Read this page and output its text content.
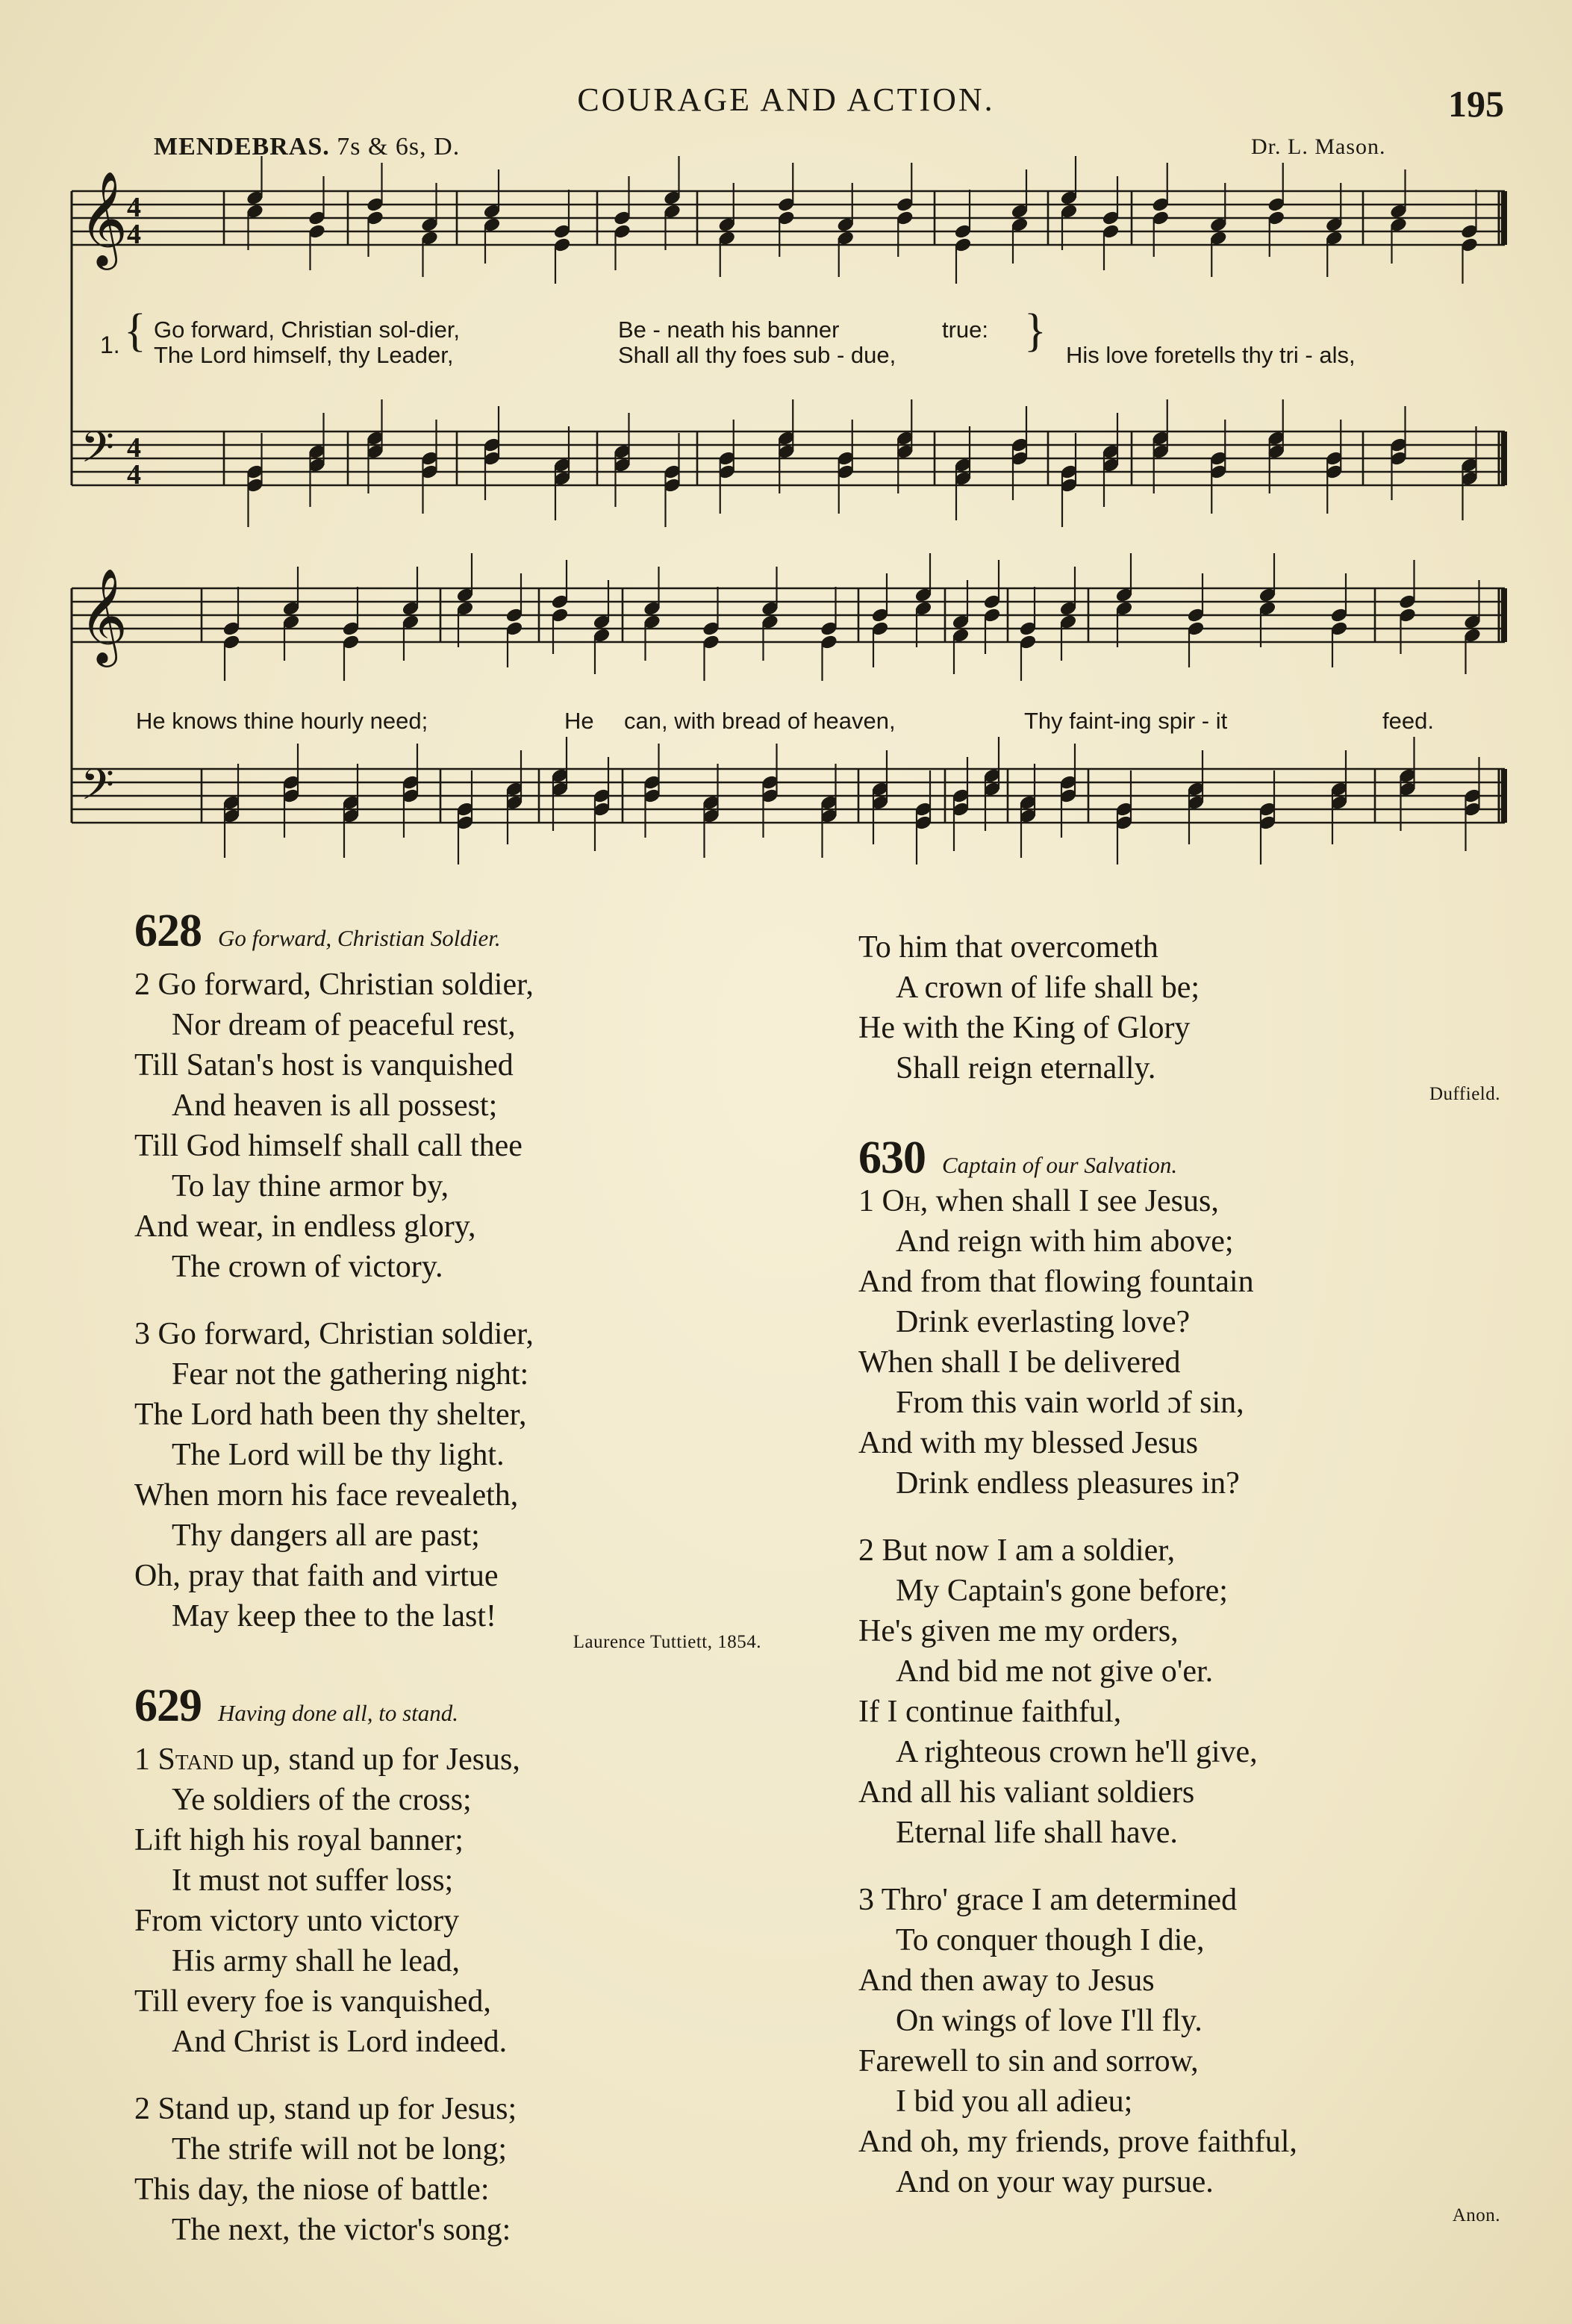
COURAGE AND ACTION.	195
MENDEBRAS. 7s & 6s, D.	Dr. L. Mason.
𝄞
𝄢
𝄞
𝄢
4
4
4
4
1. {	}
Go forward, Christian sol-dier,	Be - neath his banner	true:
The Lord himself, thy Leader,	Shall all thy foes sub - due,	His love foretells thy tri - als,
He knows thine hourly need;	He can, with bread of heaven,	Thy faint-ing spir - it	feed.
628 Go forward, Christian Soldier.
2 Go forward, Christian soldier,
Nor dream of peaceful rest,
Till Satan's host is vanquished
And heaven is all possest;
Till God himself shall call thee
To lay thine armor by,
And wear, in endless glory,
The crown of victory.
3 Go forward, Christian soldier,
Fear not the gathering night:
The Lord hath been thy shelter,
The Lord will be thy light.
When morn his face revealeth,
Thy dangers all are past;
Oh, pray that faith and virtue
May keep thee to the last!
Laurence Tuttiett, 1854.
629 Having done all, to stand.
1 Stand up, stand up for Jesus,
Ye soldiers of the cross;
Lift high his royal banner;
It must not suffer loss;
From victory unto victory
His army shall he lead,
Till every foe is vanquished,
And Christ is Lord indeed.
2 Stand up, stand up for Jesus;
The strife will not be long;
This day, the niose of battle:
The next, the victor's song:
To him that overcometh
A crown of life shall be;
He with the King of Glory
Shall reign eternally.
Duffield.
630 Captain of our Salvation.
1 Oh, when shall I see Jesus,
And reign with him above;
And from that flowing fountain
Drink everlasting love?
When shall I be delivered
From this vain world ɔf sin,
And with my blessed Jesus
Drink endless pleasures in?
2 But now I am a soldier,
My Captain's gone before;
He's given me my orders,
And bid me not give o'er.
If I continue faithful,
A righteous crown he'll give,
And all his valiant soldiers
Eternal life shall have.
3 Thro' grace I am determined
To conquer though I die,
And then away to Jesus
On wings of love I'll fly.
Farewell to sin and sorrow,
I bid you all adieu;
And oh, my friends, prove faithful,
And on your way pursue.
Anon.
